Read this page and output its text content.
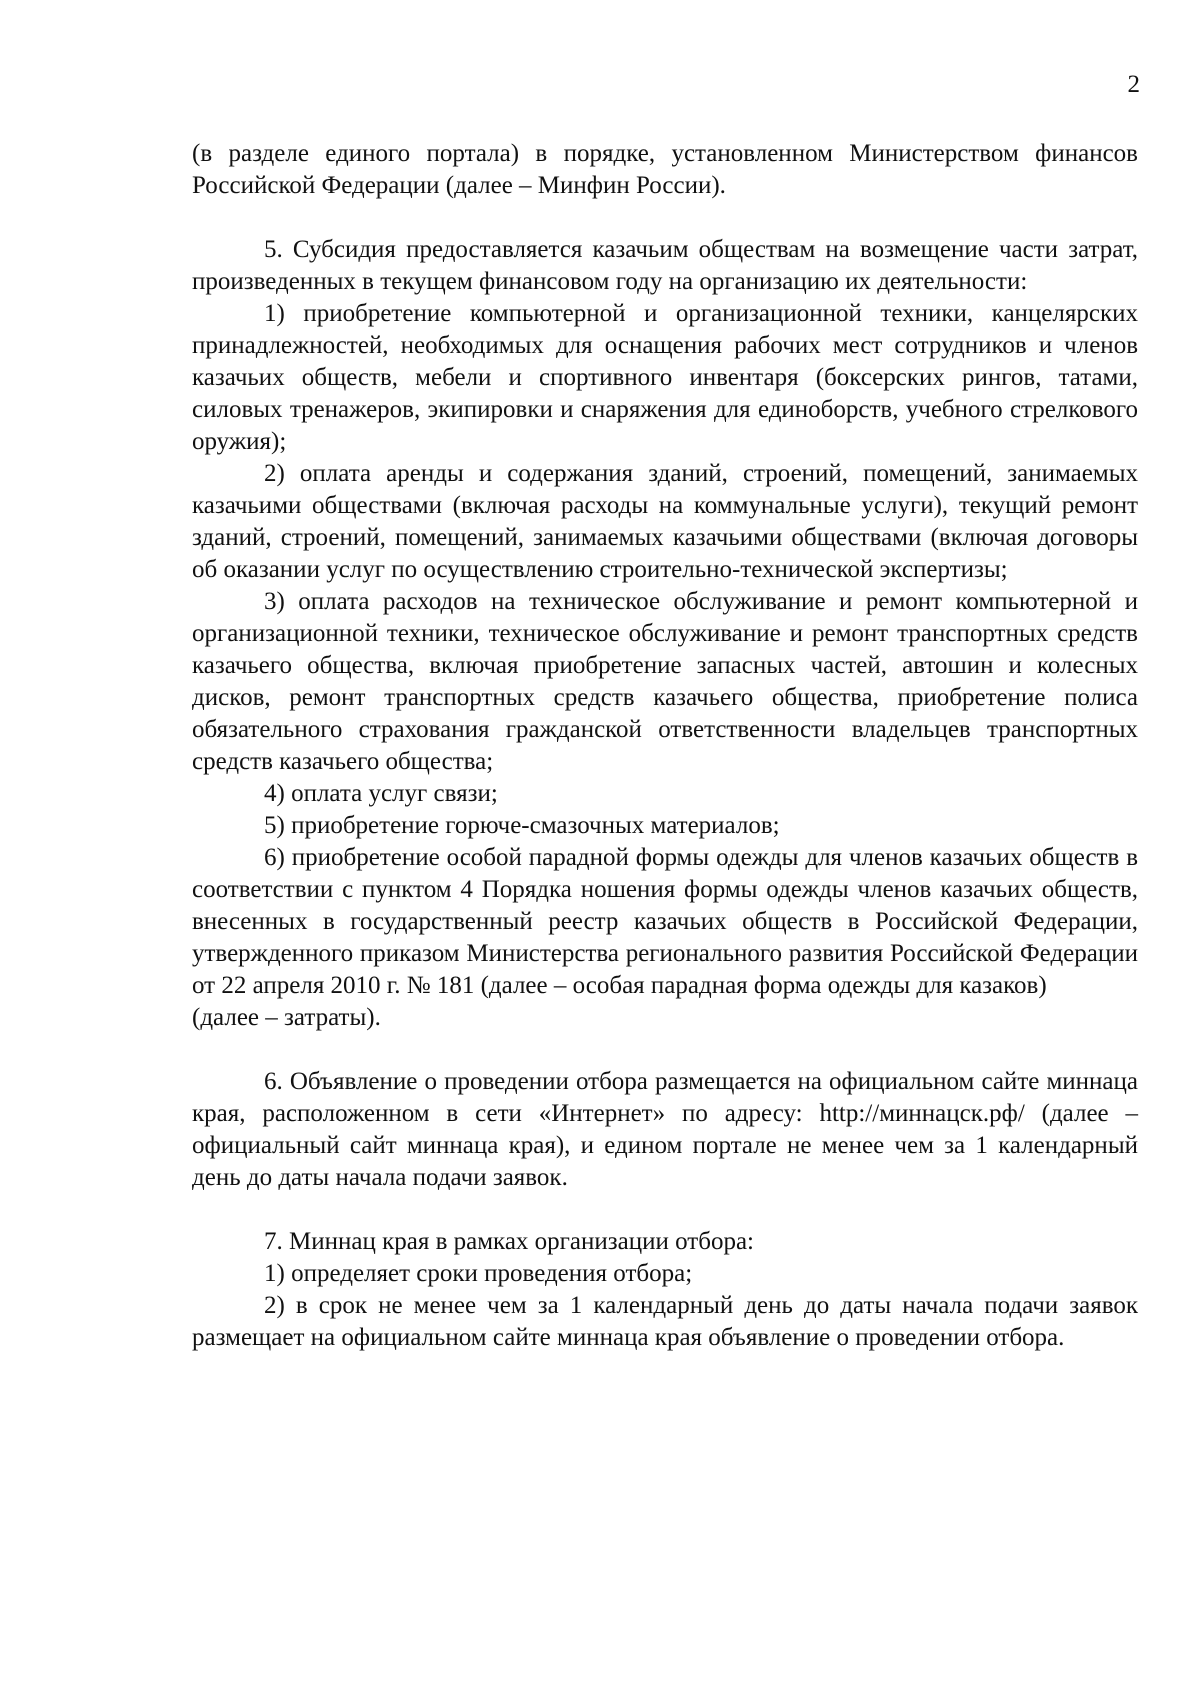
2

(в разделе единого портала) в порядке, установленном Министерством финансов Российской Федерации (далее – Минфин России).

5. Субсидия предоставляется казачьим обществам на возмещение части затрат, произведенных в текущем финансовом году на организацию их деятельности:

1) приобретение компьютерной и организационной техники, канцелярских принадлежностей, необходимых для оснащения рабочих мест сотрудников и членов казачьих обществ, мебели и спортивного инвентаря (боксерских рингов, татами, силовых тренажеров, экипировки и снаряжения для единоборств, учебного стрелкового оружия);

2) оплата аренды и содержания зданий, строений, помещений, занимаемых казачьими обществами (включая расходы на коммунальные услуги), текущий ремонт зданий, строений, помещений, занимаемых казачьими обществами (включая договоры об оказании услуг по осуществлению строительно-технической экспертизы;

3) оплата расходов на техническое обслуживание и ремонт компьютерной и организационной техники, техническое обслуживание и ремонт транспортных средств казачьего общества, включая приобретение запасных частей, автошин и колесных дисков, ремонт транспортных средств казачьего общества, приобретение полиса обязательного страхования гражданской ответственности владельцев транспортных средств казачьего общества;

4) оплата услуг связи;

5) приобретение горюче-смазочных материалов;

6) приобретение особой парадной формы одежды для членов казачьих обществ в соответствии с пунктом 4 Порядка ношения формы одежды членов казачьих обществ, внесенных в государственный реестр казачьих обществ в Российской Федерации, утвержденного приказом Министерства регионального развития Российской Федерации от 22 апреля 2010 г. № 181 (далее – особая парадная форма одежды для казаков)

(далее – затраты).

6. Объявление о проведении отбора размещается на официальном сайте миннаца края, расположенном в сети «Интернет» по адресу: http://миннацск.рф/ (далее – официальный сайт миннаца края), и едином портале не менее чем за 1 календарный день до даты начала подачи заявок.

7. Миннац края в рамках организации отбора:

1) определяет сроки проведения отбора;

2) в срок не менее чем за 1 календарный день до даты начала подачи заявок размещает на официальном сайте миннаца края объявление о проведении отбора.
